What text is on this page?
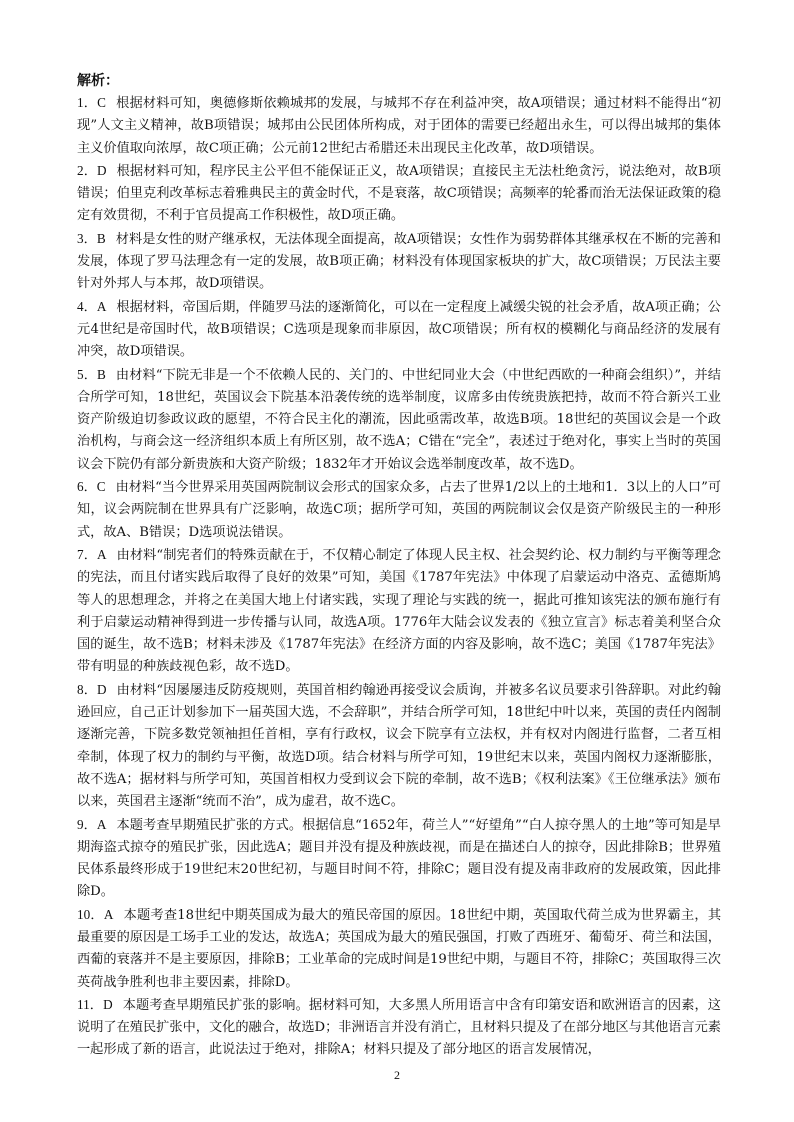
解析：

1．C 根据材料可知，奥德修斯依赖城邦的发展，与城邦不存在利益冲突，故A项错误；通过材料不能得出“初现”人文主义精神，故B项错误；城邦由公民团体所构成，对于团体的需要已经超出永生，可以得出城邦的集体主义价值取向浓厚，故C项正确；公元前12世纪古希腊还未出现民主化改革，故D项错误。

2．D 根据材料可知，程序民主公平但不能保证正义，故A项错误；直接民主无法杜绝贪污，说法绝对，故B项错误；伯里克利改革标志着雅典民主的黄金时代，不是衰落，故C项错误；高频率的轮番而治无法保证政策的稳定有效贯彻，不利于官员提高工作积极性，故D项正确。

3．B 材料是女性的财产继承权，无法体现全面提高，故A项错误；女性作为弱势群体其继承权在不断的完善和发展，体现了罗马法理念有一定的发展，故B项正确；材料没有体现国家板块的扩大，故C项错误；万民法主要针对外邦人与本邦，故D项错误。

4．A 根据材料，帝国后期，伴随罗马法的逐渐简化，可以在一定程度上减缓尖锐的社会矛盾，故A项正确；公元4世纪是帝国时代，故B项错误；C选项是现象而非原因，故C项错误；所有权的模糊化与商品经济的发展有冲突，故D项错误。

5．B 由材料“下院无非是一个不依赖人民的、关门的、中世纪同业大会（中世纪西欧的一种商会组织）”，并结合所学可知，18世纪，英国议会下院基本沿袭传统的选举制度，议席多由传统贵族把持，故而不符合新兴工业资产阶级迫切参政议政的愿望，不符合民主化的潮流，因此亟需改革，故选B项。18世纪的英国议会是一个政治机构，与商会这一经济组织本质上有所区别，故不选A；C错在“完全”，表述过于绝对化，事实上当时的英国议会下院仍有部分新贵族和大资产阶级；1832年才开始议会选举制度改革，故不选D。

6．C 由材料“当今世界采用英国两院制议会形式的国家众多，占去了世界1/2以上的土地和1．3以上的人口”可知，议会两院制在世界具有广泛影响，故选C项；据所学可知，英国的两院制议会仅是资产阶级民主的一种形式，故A、B错误；D选项说法错误。

7．A 由材料“制宪者们的特殊贡献在于，不仅精心制定了体现人民主权、社会契约论、权力制约与平衡等理念的宪法，而且付诸实践后取得了良好的效果”可知，美国《1787年宪法》中体现了启蒙运动中洛克、孟德斯鸠等人的思想理念，并将之在美国大地上付诸实践，实现了理论与实践的统一，据此可推知该宪法的颁布施行有利于启蒙运动精神得到进一步传播与认同，故选A项。1776年大陆会议发表的《独立宣言》标志着美利坚合众国的诞生，故不选B；材料未涉及《1787年宪法》在经济方面的内容及影响，故不选C；美国《1787年宪法》带有明显的种族歧视色彩，故不选D。

8．D 由材料“因屡屡违反防疫规则，英国首相约翰逊再接受议会质询，并被多名议员要求引咎辞职。对此约翰逊回应，自己正计划参加下一届英国大选，不会辞职”，并结合所学可知，18世纪中叶以来，英国的责任内阁制逐渐完善，下院多数党领袖担任首相，享有行政权，议会下院享有立法权，并有权对内阁进行监督，二者互相牵制，体现了权力的制约与平衡，故选D项。结合材料与所学可知，19世纪末以来，英国内阁权力逐渐膨胀，故不选A；据材料与所学可知，英国首相权力受到议会下院的牵制，故不选B；《权利法案》《王位继承法》颁布以来，英国君主逐渐“统而不治”，成为虚君，故不选C。

9．A 本题考查早期殖民扩张的方式。根据信息“1652年，荷兰人”“好望角”“白人掠夺黑人的土地”等可知是早期海盗式掠夺的殖民扩张，因此选A；题目并没有提及种族歧视，而是在描述白人的掠夺，因此排除B；世界殖民体系最终形成于19世纪末20世纪初，与题目时间不符，排除C；题目没有提及南非政府的发展政策，因此排除D。

10．A 本题考查18世纪中期英国成为最大的殖民帝国的原因。18世纪中期，英国取代荷兰成为世界霸主，其最重要的原因是工场手工业的发达，故选A；英国成为最大的殖民强国，打败了西班牙、葡萄牙、荷兰和法国，西葡的衰落并不是主要原因，排除B；工业革命的完成时间是19世纪中期，与题目不符，排除C；英国取得三次英荷战争胜利也非主要因素，排除D。

11．D 本题考查早期殖民扩张的影响。据材料可知，大多黑人所用语言中含有印第安语和欧洲语言的因素，这说明了在殖民扩张中，文化的融合，故选D；非洲语言并没有消亡，且材料只提及了在部分地区与其他语言元素一起形成了新的语言，此说法过于绝对，排除A；材料只提及了部分地区的语言发展情况，

2
